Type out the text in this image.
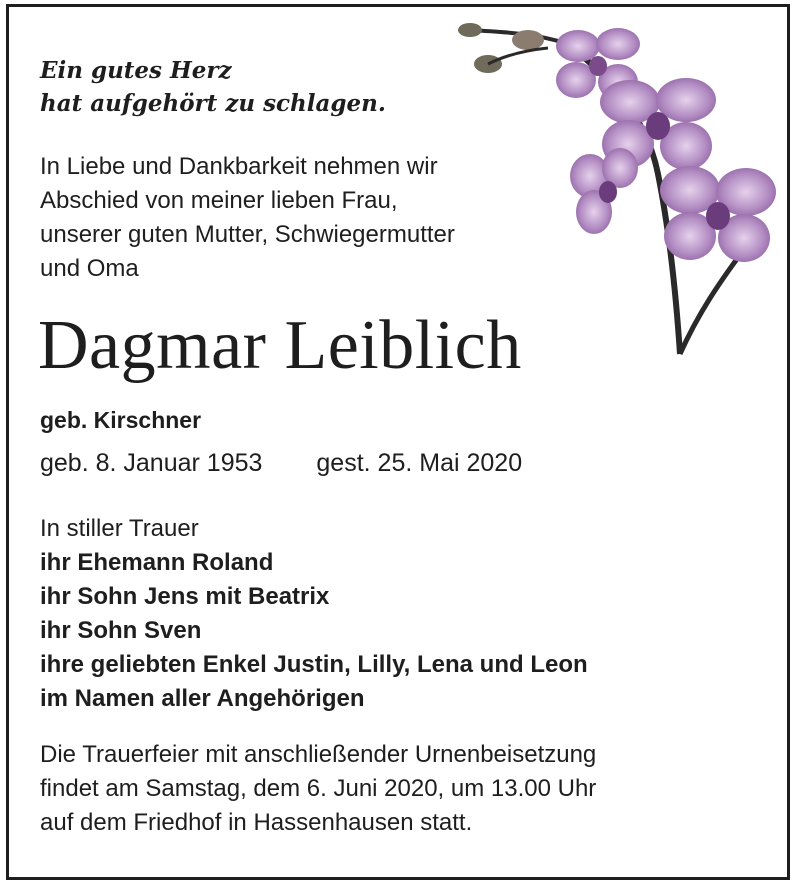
Ein gutes Herz
hat aufgehört zu schlagen.
In Liebe und Dankbarkeit nehmen wir
Abschied von meiner lieben Frau,
unserer guten Mutter, Schwiegermutter
und Oma
Dagmar Leiblich
geb. Kirschner
geb. 8. Januar 1953 gest. 25. Mai 2020
In stiller Trauer
ihr Ehemann Roland
ihr Sohn Jens mit Beatrix
ihr Sohn Sven
ihre geliebten Enkel Justin, Lilly, Lena und Leon
im Namen aller Angehörigen
Die Trauerfeier mit anschließender Urnenbeisetzung
findet am Samstag, dem 6. Juni 2020, um 13.00 Uhr
auf dem Friedhof in Hassenhausen statt.
